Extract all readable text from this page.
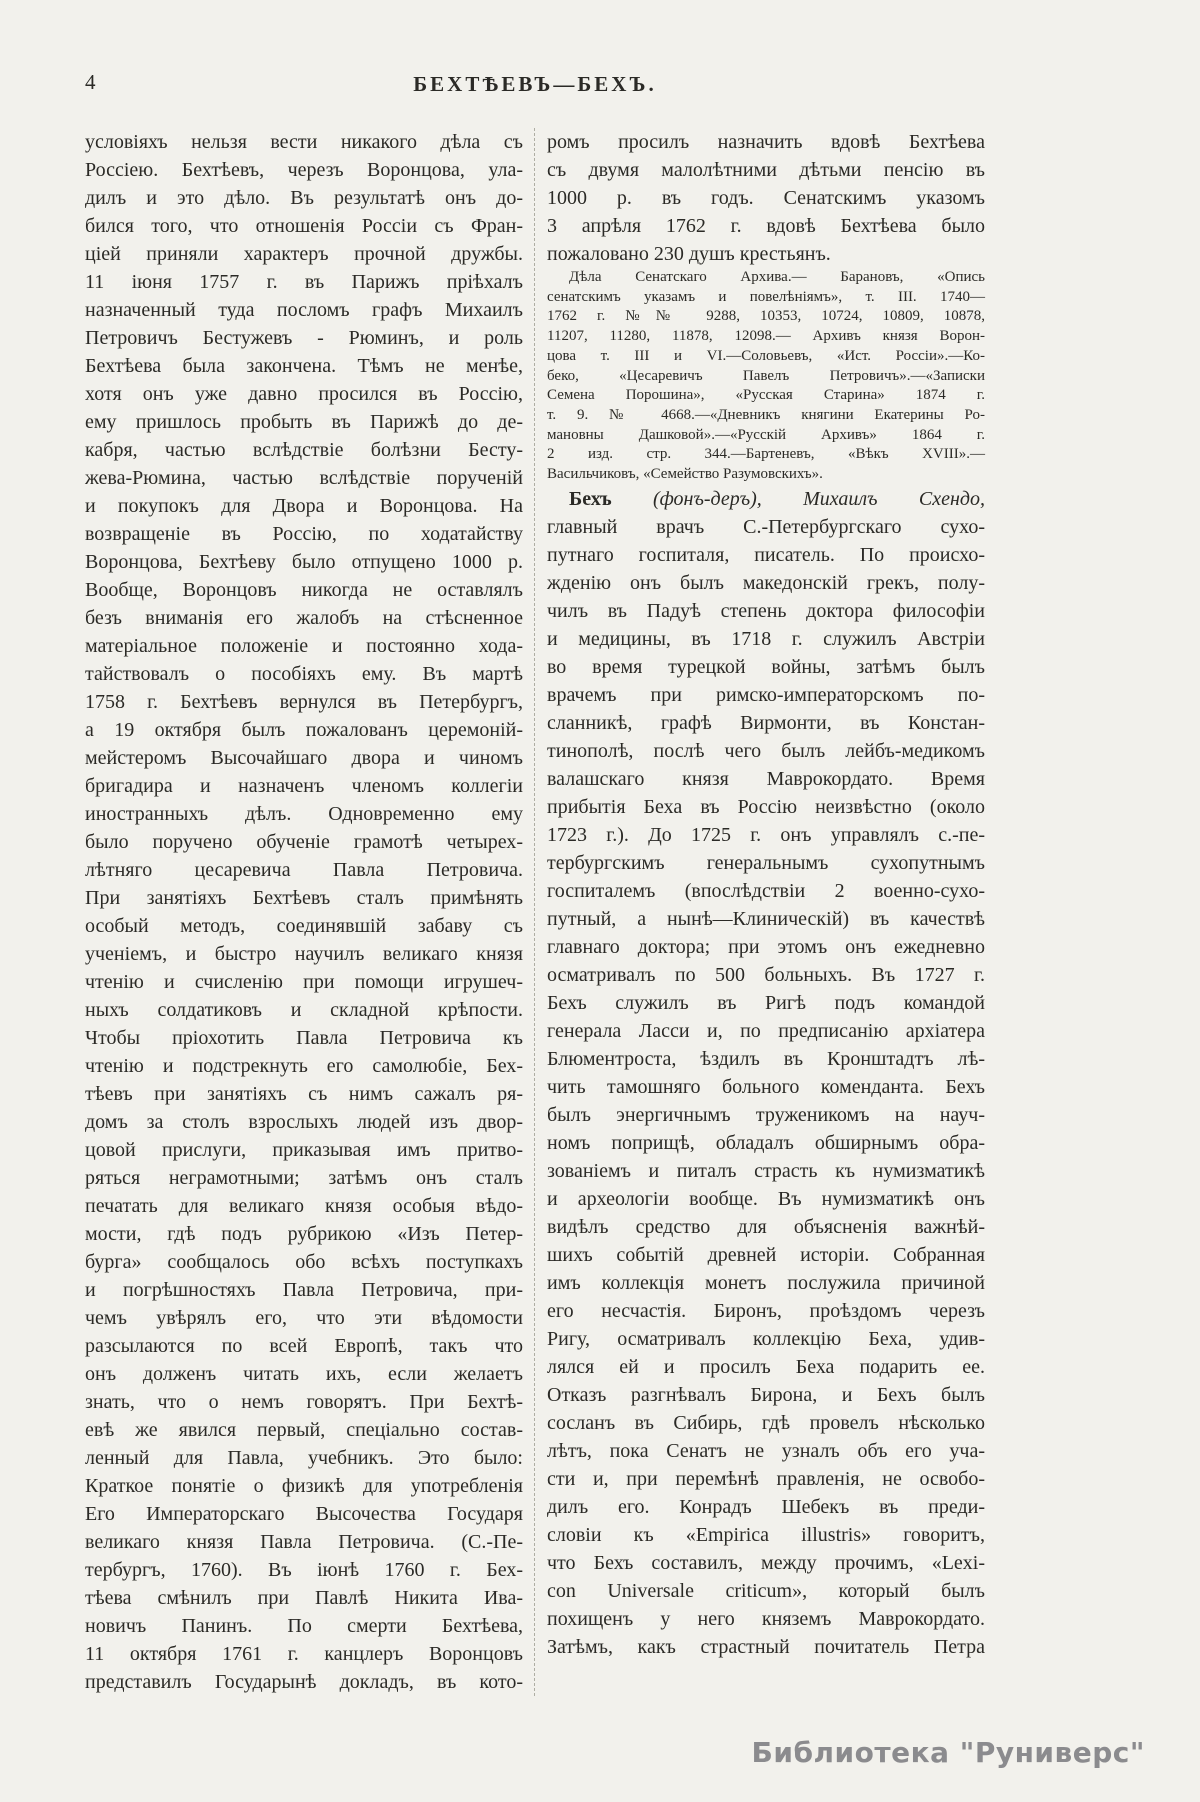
4	БЕХТѢЕВЪ—БЕХЪ.
условіяхъ нельзя вести никакого дѣла съ
Россіею. Бехтѣевъ, черезъ Воронцова, ула-
дилъ и это дѣло. Въ результатѣ онъ до-
бился того, что отношенія Россіи съ Фран-
ціей приняли характеръ прочной дружбы.
11 іюня 1757 г. въ Парижъ пріѣхалъ
назначенный туда посломъ графъ Михаилъ
Петровичъ Бестужевъ - Рюминъ, и роль
Бехтѣева была закончена. Тѣмъ не менѣе,
хотя онъ уже давно просился въ Россію,
ему пришлось пробыть въ Парижѣ до де-
кабря, частью вслѣдствіе болѣзни Бесту-
жева-Рюмина, частью вслѣдствіе порученій
и покупокъ для Двора и Воронцова. На
возвращеніе въ Россію, по ходатайству
Воронцова, Бехтѣеву было отпущено 1000 р.
Вообще, Воронцовъ никогда не оставлялъ
безъ вниманія его жалобъ на стѣсненное
матеріальное положеніе и постоянно хода-
тайствовалъ о пособіяхъ ему. Въ мартѣ
1758 г. Бехтѣевъ вернулся въ Петербургъ,
а 19 октября былъ пожалованъ церемоній-
мейстеромъ Высочайшаго двора и чиномъ
бригадира и назначенъ членомъ коллегіи
иностранныхъ дѣлъ. Одновременно ему
было поручено обученіе грамотѣ четырех-
лѣтняго цесаревича Павла Петровича.
При занятіяхъ Бехтѣевъ сталъ примѣнять
особый методъ, соединявшій забаву съ
ученіемъ, и быстро научилъ великаго князя
чтенію и счисленію при помощи игрушеч-
ныхъ солдатиковъ и складной крѣпости.
Чтобы пріохотить Павла Петровича къ
чтенію и подстрекнуть его самолюбіе, Бех-
тѣевъ при занятіяхъ съ нимъ сажалъ ря-
домъ за столъ взрослыхъ людей изъ двор-
цовой прислуги, приказывая имъ притво-
ряться неграмотными; затѣмъ онъ сталъ
печатать для великаго князя особыя вѣдо-
мости, гдѣ подъ рубрикою «Изъ Петер-
бурга» сообщалось обо всѣхъ поступкахъ
и погрѣшностяхъ Павла Петровича, при-
чемъ увѣрялъ его, что эти вѣдомости
разсылаются по всей Европѣ, такъ что
онъ долженъ читать ихъ, если желаетъ
знать, что о немъ говорятъ. При Бехтѣ-
евѣ же явился первый, спеціально состав-
ленный для Павла, учебникъ. Это было:
Краткое понятіе о физикѣ для употребленія
Его Императорскаго Высочества Государя
великаго князя Павла Петровича. (С.-Пе-
тербургъ, 1760). Въ іюнѣ 1760 г. Бех-
тѣева смѣнилъ при Павлѣ Никита Ива-
новичъ Панинъ. По смерти Бехтѣева,
11 октября 1761 г. канцлеръ Воронцовъ
представилъ Государынѣ докладъ, въ кото-
ромъ просилъ назначить вдовѣ Бехтѣева
съ двумя малолѣтними дѣтьми пенсію въ
1000 р. въ годъ. Сенатскимъ указомъ
3 апрѣля 1762 г. вдовѣ Бехтѣева было
пожаловано 230 душъ крестьянъ.
Дѣла Сенатскаго Архива.— Барановъ, «Опись
сенатскимъ указамъ и повелѣніямъ», т. III. 1740—
1762 г. №№ 9288, 10353, 10724, 10809, 10878,
11207, 11280, 11878, 12098.— Архивъ князя Ворон-
цова т. III и VI.—Соловьевъ, «Ист. Россіи».—Ко-
беко, «Цесаревичъ Павелъ Петровичъ».—«Записки
Семена Порошина», «Русская Старина» 1874 г.
т. 9. № 4668.—«Дневникъ княгини Екатерины Ро-
мановны Дашковой».—«Русскій Архивъ» 1864 г.
2 изд. стр. 344.—Бартеневъ, «Вѣкъ XVIII».—
Васильчиковъ, «Семейство Разумовскихъ».
Бехъ (фонъ-деръ), Михаилъ Схендо,
главный врачъ С.-Петербургскаго сухо-
путнаго госпиталя, писатель. По происхо-
жденію онъ былъ македонскій грекъ, полу-
чилъ въ Падуѣ степень доктора философіи
и медицины, въ 1718 г. служилъ Австріи
во время турецкой войны, затѣмъ былъ
врачемъ при римско-императорскомъ по-
сланникѣ, графѣ Вирмонти, въ Констан-
тинополѣ, послѣ чего былъ лейбъ-медикомъ
валашскаго князя Маврокордато. Время
прибытія Беха въ Россію неизвѣстно (около
1723 г.). До 1725 г. онъ управлялъ с.-пе-
тербургскимъ генеральнымъ сухопутнымъ
госпиталемъ (впослѣдствіи 2 военно-сухо-
путный, а нынѣ—Клиническій) въ качествѣ
главнаго доктора; при этомъ онъ ежедневно
осматривалъ по 500 больныхъ. Въ 1727 г.
Бехъ служилъ въ Ригѣ подъ командой
генерала Ласси и, по предписанію архіатера
Блюментроста, ѣздилъ въ Кронштадтъ лѣ-
чить тамошняго больного коменданта. Бехъ
былъ энергичнымъ труженикомъ на науч-
номъ поприщѣ, обладалъ обширнымъ обра-
зованіемъ и питалъ страсть къ нумизматикѣ
и археологіи вообще. Въ нумизматикѣ онъ
видѣлъ средство для объясненія важнѣй-
шихъ событій древней исторіи. Собранная
имъ коллекція монетъ послужила причиной
его несчастія. Биронъ, проѣздомъ черезъ
Ригу, осматривалъ коллекцію Беха, удив-
лялся ей и просилъ Беха подарить ее.
Отказъ разгнѣвалъ Бирона, и Бехъ былъ
сосланъ въ Сибирь, гдѣ провелъ нѣсколько
лѣтъ, пока Сенатъ не узналъ объ его уча-
сти и, при перемѣнѣ правленія, не освобо-
дилъ его. Конрадъ Шебекъ въ преди-
словіи къ «Empirica illustris» говоритъ,
что Бехъ составилъ, между прочимъ, «Lexi-
con Universale criticum», который былъ
похищенъ у него княземъ Маврокордато.
Затѣмъ, какъ страстный почитатель Петра
Библиотека "Руниверс"
